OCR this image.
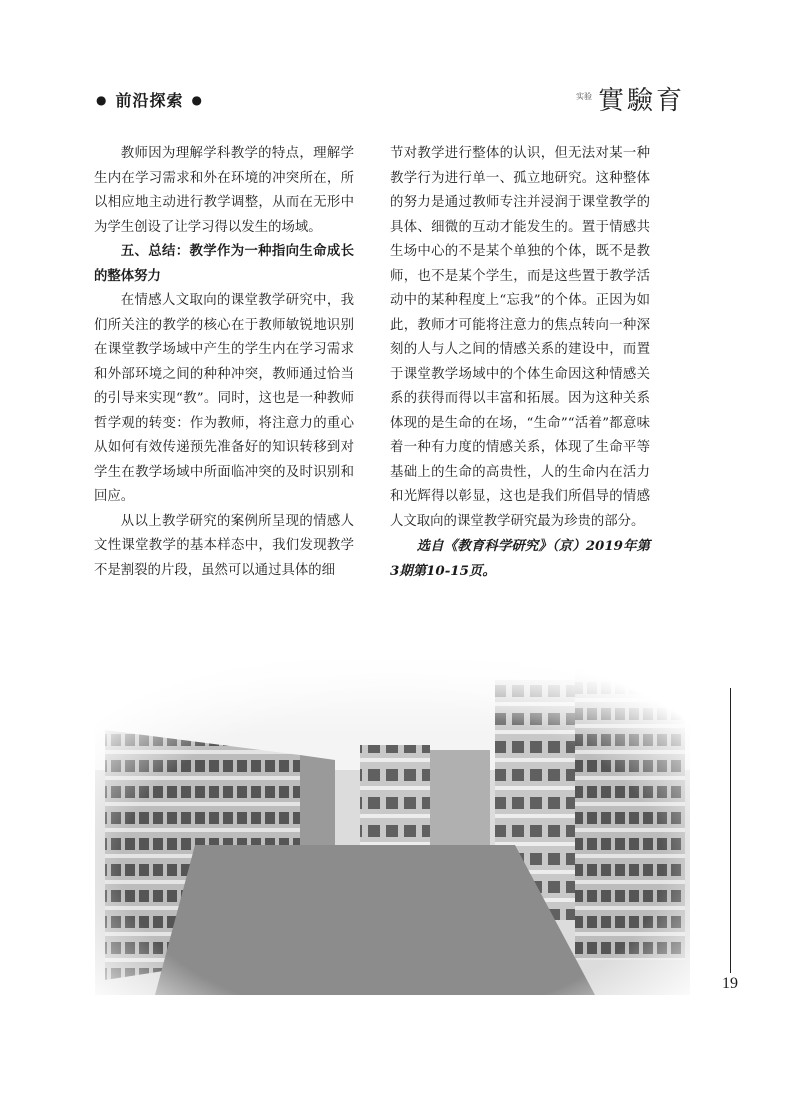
● 前沿探索 ●	$^{实验}$ 實驗育

教师因为理解学科教学的特点，理解学生内在学习需求和外在环境的冲突所在，所以相应地主动进行教学调整，从而在无形中为学生创设了让学习得以发生的场域。

五、总结：教学作为一种指向生命成长的整体努力

在情感人文取向的课堂教学研究中，我们所关注的教学的核心在于教师敏锐地识别在课堂教学场域中产生的学生内在学习需求和外部环境之间的种种冲突，教师通过恰当的引导来实现“教”。同时，这也是一种教师哲学观的转变：作为教师，将注意力的重心从如何有效传递预先准备好的知识转移到对学生在教学场域中所面临冲突的及时识别和回应。

从以上教学研究的案例所呈现的情感人文性课堂教学的基本样态中，我们发现教学不是割裂的片段，虽然可以通过具体的细

节对教学进行整体的认识，但无法对某一种教学行为进行单一、孤立地研究。这种整体的努力是通过教师专注并浸润于课堂教学的具体、细微的互动才能发生的。置于情感共生场中心的不是某个单独的个体，既不是教师，也不是某个学生，而是这些置于教学活动中的某种程度上“忘我”的个体。正因为如此，教师才可能将注意力的焦点转向一种深刻的人与人之间的情感关系的建设中，而置于课堂教学场域中的个体生命因这种情感关系的获得而得以丰富和拓展。因为这种关系体现的是生命的在场，“生命”“活着”都意味着一种有力度的情感关系，体现了生命平等基础上的生命的高贵性，人的生命内在活力和光辉得以彰显，这也是我们所倡导的情感人文取向的课堂教学研究最为珍贵的部分。

选自《教育科学研究》（京）2019年第3期第10-15页。

19
